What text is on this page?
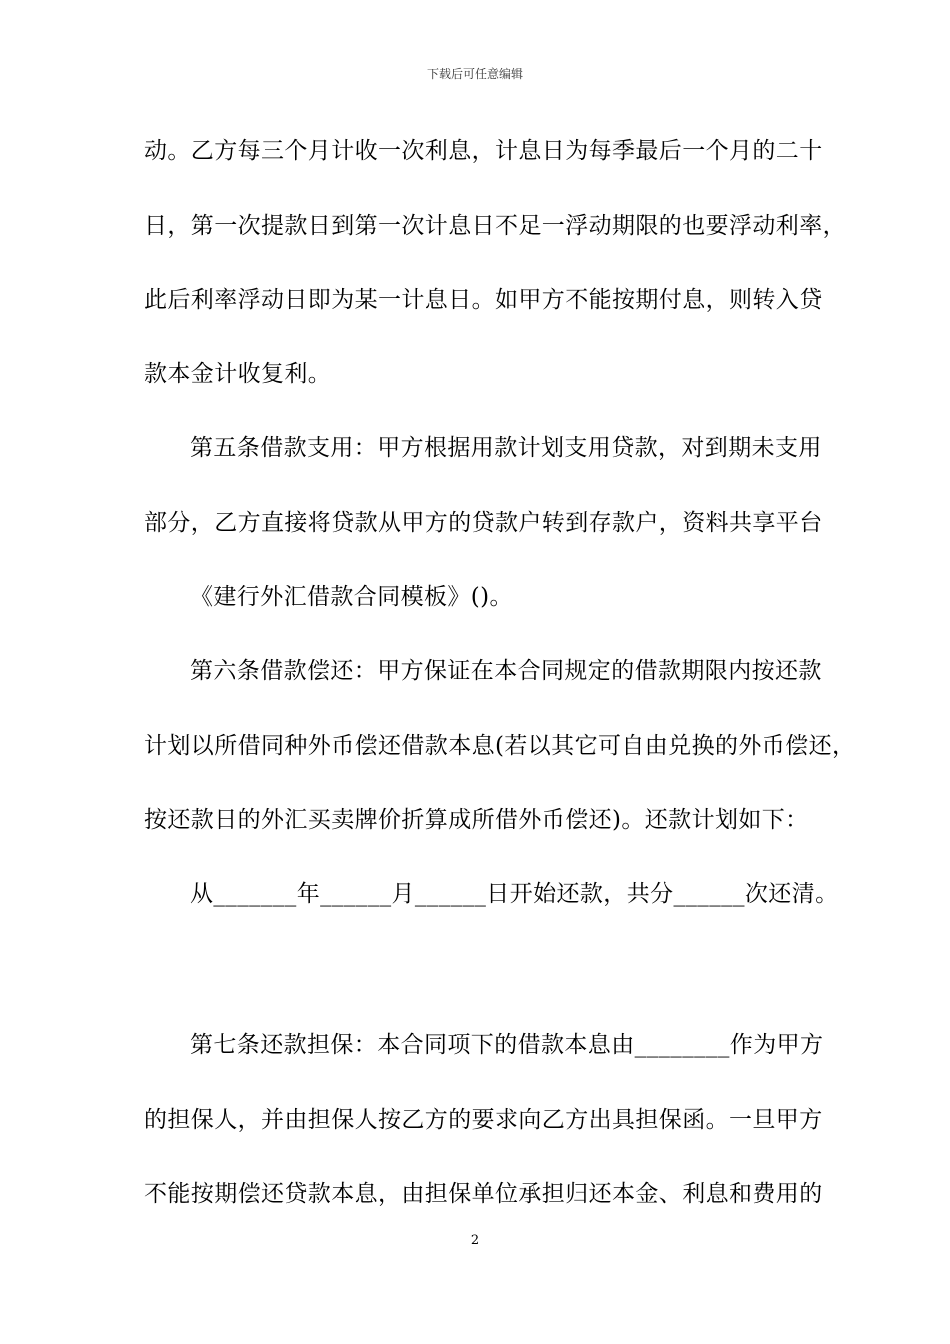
下载后可任意编辑
动。乙方每三个月计收一次利息，计息日为每季最后一个月的二十
日，第一次提款日到第一次计息日不足一浮动期限的也要浮动利率，
此后利率浮动日即为某一计息日。如甲方不能按期付息，则转入贷
款本金计收复利。
第五条借款支用：甲方根据用款计划支用贷款，对到期未支用
部分，乙方直接将贷款从甲方的贷款户转到存款户，资料共享平台
《建行外汇借款合同模板》()。
第六条借款偿还：甲方保证在本合同规定的借款期限内按还款
计划以所借同种外币偿还借款本息(若以其它可自由兑换的外币偿还，
按还款日的外汇买卖牌价折算成所借外币偿还)。还款计划如下：
从_______年______月______日开始还款，共分______次还清。
第七条还款担保：本合同项下的借款本息由________作为甲方
的担保人，并由担保人按乙方的要求向乙方出具担保函。一旦甲方
不能按期偿还贷款本息，由担保单位承担归还本金、利息和费用的
2
